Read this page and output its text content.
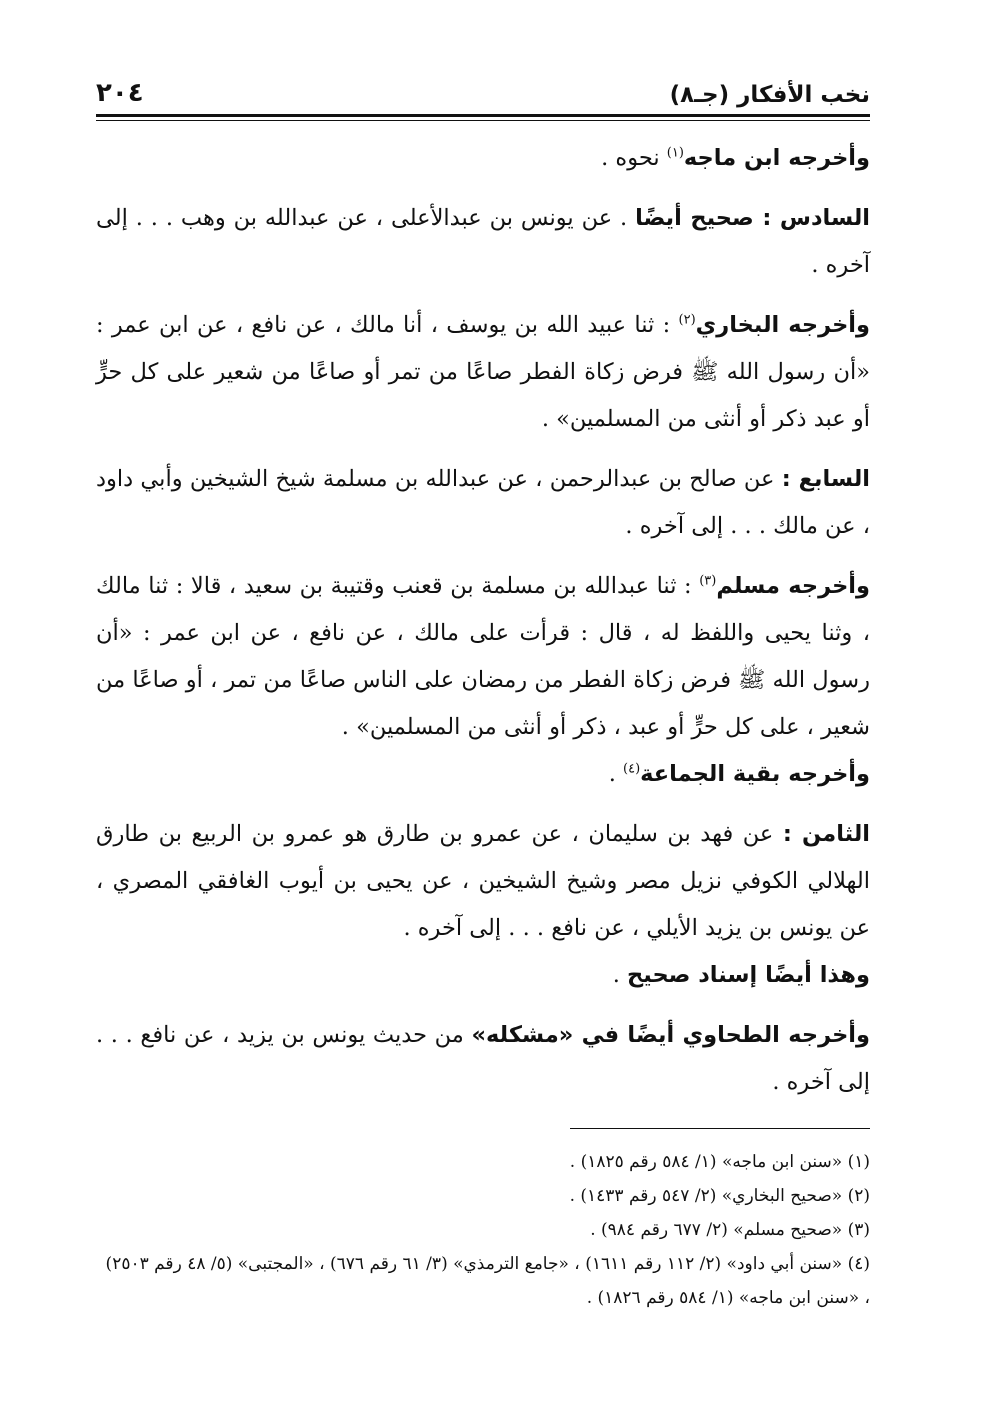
نخب الأفكار (جـ٨)
٢٠٤

وأخرجه ابن ماجه$^{(١)}$ نحوه .

السادس : صحيح أيضًا . عن يونس بن عبدالأعلى ، عن عبدالله بن وهب . . . إلى آخره .

وأخرجه البخاري$^{(٢)}$ : ثنا عبيد الله بن يوسف ، أنا مالك ، عن نافع ، عن ابن عمر : «أن رسول الله ﷺ فرض زكاة الفطر صاعًا من تمر أو صاعًا من شعير على كل حرٍّ أو عبد ذكر أو أنثى من المسلمين» .

السابع : عن صالح بن عبدالرحمن ، عن عبدالله بن مسلمة شيخ الشيخين وأبي داود ، عن مالك . . . إلى آخره .

وأخرجه مسلم$^{(٣)}$ : ثنا عبدالله بن مسلمة بن قعنب وقتيبة بن سعيد ، قالا : ثنا مالك ، وثنا يحيى واللفظ له ، قال : قرأت على مالك ، عن نافع ، عن ابن عمر : «أن رسول الله ﷺ فرض زكاة الفطر من رمضان على الناس صاعًا من تمر ، أو صاعًا من شعير ، على كل حرٍّ أو عبد ، ذكر أو أنثى من المسلمين» .

وأخرجه بقية الجماعة$^{(٤)}$ .

الثامن : عن فهد بن سليمان ، عن عمرو بن طارق هو عمرو بن الربيع بن طارق الهلالي الكوفي نزيل مصر وشيخ الشيخين ، عن يحيى بن أيوب الغافقي المصري ، عن يونس بن يزيد الأيلي ، عن نافع . . . إلى آخره .

وهذا أيضًا إسناد صحيح .

وأخرجه الطحاوي أيضًا في «مشكله» من حديث يونس بن يزيد ، عن نافع . . . إلى آخره .

(١) «سنن ابن ماجه» (١/ ٥٨٤ رقم ١٨٢٥) .

(٢) «صحيح البخاري» (٢/ ٥٤٧ رقم ١٤٣٣) .

(٣) «صحيح مسلم» (٢/ ٦٧٧ رقم ٩٨٤) .

(٤) «سنن أبي داود» (٢/ ١١٢ رقم ١٦١١) ، «جامع الترمذي» (٣/ ٦١ رقم ٦٧٦) ، «المجتبى» (٥/ ٤٨ رقم ٢٥٠٣) ، «سنن ابن ماجه» (١/ ٥٨٤ رقم ١٨٢٦) .
